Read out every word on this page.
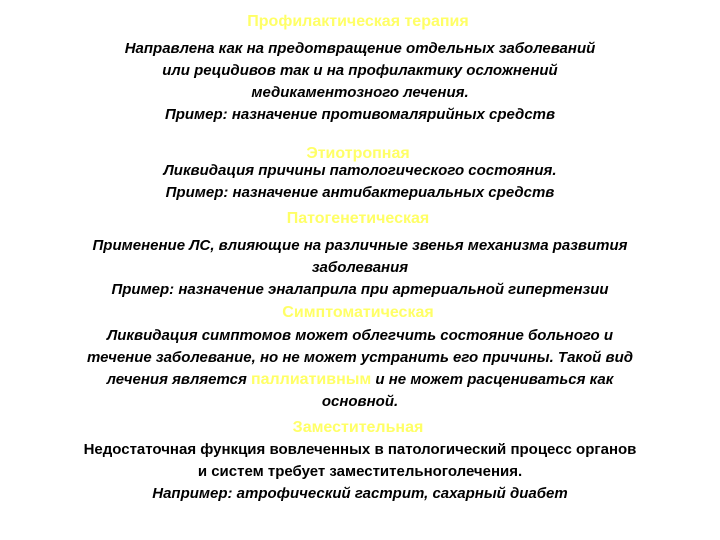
Профилактическая терапия
Направлена как на предотвращение отдельных заболеваний
или рецидивов так и на профилактику осложнений
медикаментозного лечения.
Пример: назначение противомалярийных средств
Этиотропная
Ликвидация причины патологического состояния.
Пример: назначение антибактериальных средств
Патогенетическая
Применение ЛС, влияющие на различные звенья механизма развития
заболевания
Пример: назначение эналаприла при артериальной гипертензии
Симптоматическая
Ликвидация симптомов может облегчить состояние больного и
течение заболевание, но не может устранить его причины. Такой вид
лечения является паллиативным и не может расцениваться как
основной.
Заместительная
Недостаточная функция вовлеченных в патологический процесс органов
и систем требует заместительноголечения.
Например: атрофический гастрит, сахарный диабет
